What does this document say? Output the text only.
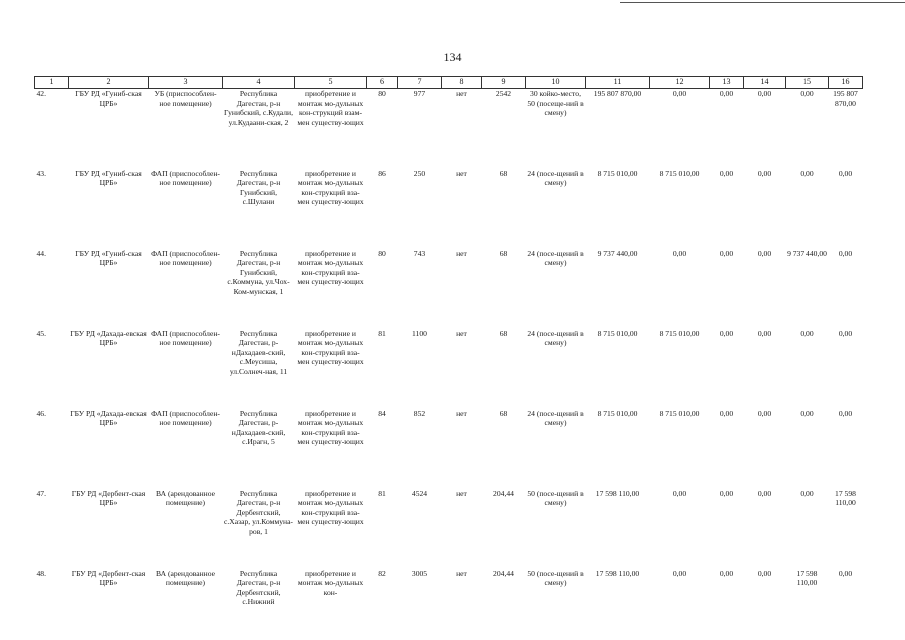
134
1	2	3	4	5	6	7	8	9	10	11	12	13	14	15	16
42.	ГБУ РД «Гуниб-ская ЦРБ»	УБ (приспособлен-ное помещение)	Республика Дагестан, р-н Гунибский, с.Кудали, ул.Кудаани-ская, 2	приобретение и монтаж мо-дульных кон-струкций взам-мен существу-ющих	80	977	нет	2542	30 койко-место, 50 (посеще-ний в смену)	195 807 870,00	0,00	0,00	0,00	0,00	195 807 870,00
43.	ГБУ РД «Гуниб-ская ЦРБ»	ФАП (приспособлен-ное помещение)	Республика Дагестан, р-н Гунибский, с.Шулани	приобретение и монтаж мо-дульных кон-струкций вза-мен существу-ющих	86	250	нет	68	24 (посе-щений в смену)	8 715 010,00	8 715 010,00	0,00	0,00	0,00	0,00
44.	ГБУ РД «Гуниб-ская ЦРБ»	ФАП (приспособлен-ное помещение)	Республика Дагестан, р-н Гунибский, с.Коммуна, ул.Чох-Ком-мунская, 1	приобретение и монтаж мо-дульных кон-струкций вза-мен существу-ющих	80	743	нет	68	24 (посе-щений в смену)	9 737 440,00	0,00	0,00	0,00	9 737 440,00	0,00
45.	ГБУ РД «Дахада-евская ЦРБ»	ФАП (приспособлен-ное помещение)	Республика Дагестан, р-нДахадаев-ский, с.Меусиша, ул.Солнеч-ная, 11	приобретение и монтаж мо-дульных кон-струкций вза-мен существу-ющих	81	1100	нет	68	24 (посе-щений в смену)	8 715 010,00	8 715 010,00	0,00	0,00	0,00	0,00
46.	ГБУ РД «Дахада-евская ЦРБ»	ФАП (приспособлен-ное помещение)	Республика Дагестан, р-нДахадаев-ский, с.Ирагн, 5	приобретение и монтаж мо-дульных кон-струкций вза-мен существу-ющих	84	852	нет	68	24 (посе-щений в смену)	8 715 010,00	8 715 010,00	0,00	0,00	0,00	0,00
47.	ГБУ РД «Дербент-ская ЦРБ»	ВА (арендованное помещение)	Республика Дагестан, р-н Дербентский, с.Хазар, ул.Коммуна-ров, 1	приобретение и монтаж мо-дульных кон-струкций вза-мен существу-ющих	81	4524	нет	204,44	50 (посе-щений в смену)	17 598 110,00	0,00	0,00	0,00	0,00	17 598 110,00
48.	ГБУ РД «Дербент-ская ЦРБ»	ВА (арендованное помещение)	Республика Дагестан, р-н Дербентский, с.Нижний	приобретение и монтаж мо-дульных кон-	82	3005	нет	204,44	50 (посе-щений в смену)	17 598 110,00	0,00	0,00	0,00	17 598 110,00	0,00
